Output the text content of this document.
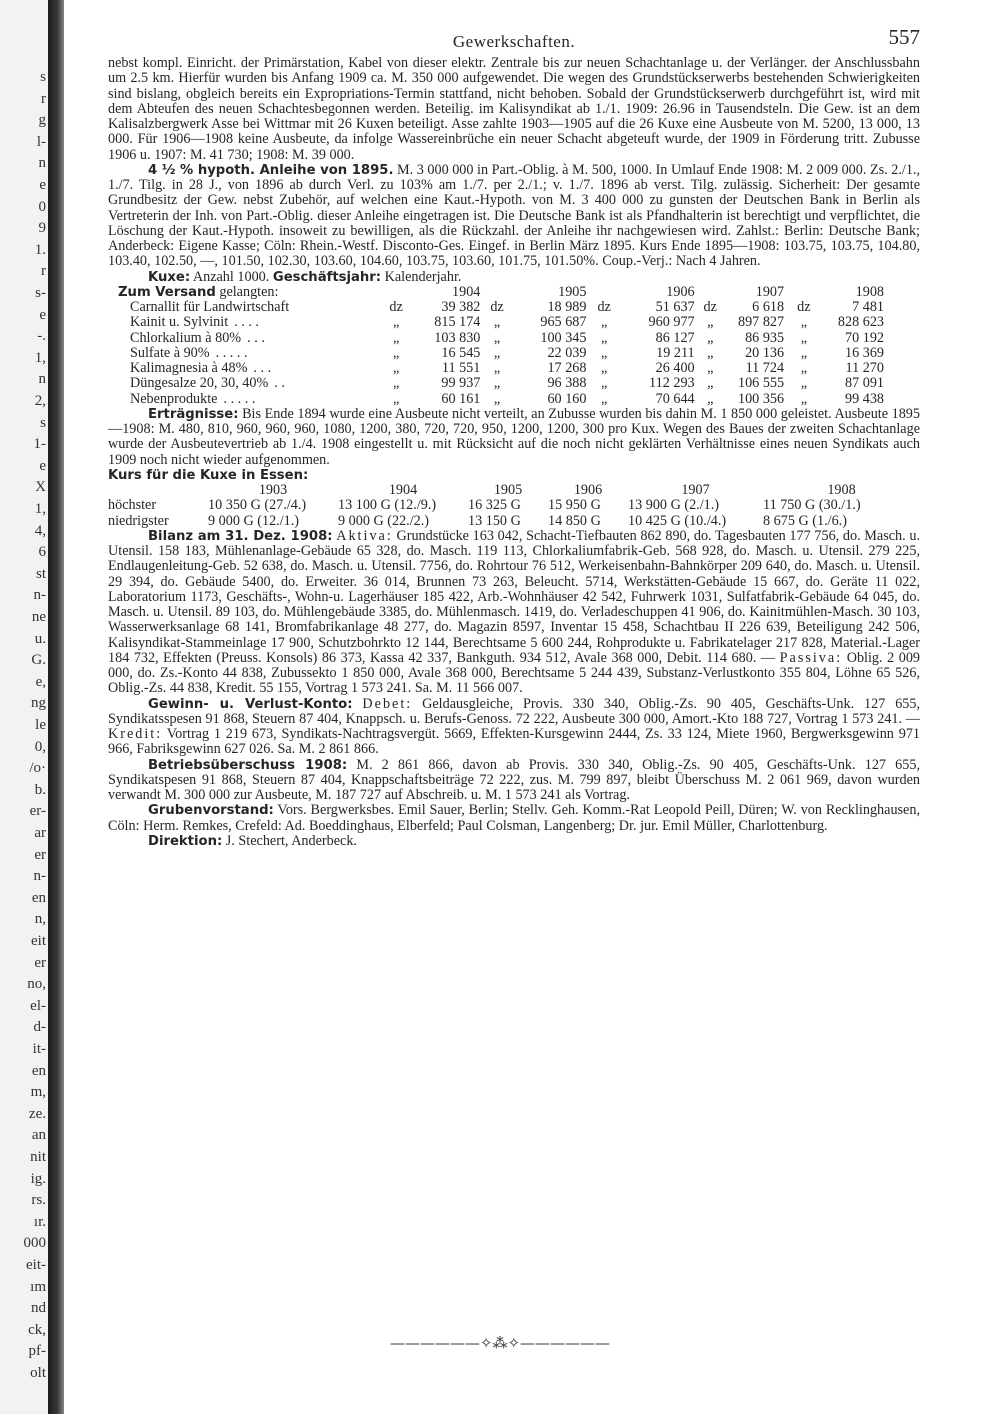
s
r
g
l-
n
e
0
9
1.
r
s-
e
-.
1,
n
2,
s
1-
e
X
1,
4,
6
st
n-
ne
u.
G.
e,
ng
le
0,
/o·
b.
er-
ar
er
n-
en
n,
eit
er
no,
el-
d-
it-
en
m,
ze.
an
nit
ig.
rs.
ır.
000
eit-
ım
nd
ck,
pf-
olt
Gewerkschaften.	557

nebst kompl. Einricht. der Primärstation, Kabel von dieser elektr. Zentrale bis zur neuen Schachtanlage u. der Verlänger. der Anschlussbahn um 2.5 km. Hierfür wurden bis Anfang 1909 ca. M. 350 000 aufgewendet. Die wegen des Grundstückserwerbs bestehenden Schwierigkeiten sind bislang, obgleich bereits ein Expropriations-Termin stattfand, nicht behoben. Sobald der Grundstückserwerb durchgeführt ist, wird mit dem Abteufen des neuen Schachtesbegonnen werden. Beteilig. im Kalisyndikat ab 1./1. 1909: 26.96 in Tausendsteln. Die Gew. ist an dem Kalisalzbergwerk Asse bei Wittmar mit 26 Kuxen beteiligt. Asse zahlte 1903—1905 auf die 26 Kuxe eine Ausbeute von M. 5200, 13 000, 13 000. Für 1906—1908 keine Ausbeute, da infolge Wassereinbrüche ein neuer Schacht abgeteuft wurde, der 1909 in Förderung tritt. Zubusse 1906 u. 1907: M. 41 730; 1908: M. 39 000.

4 ½ % hypoth. Anleihe von 1895. M. 3 000 000 in Part.-Oblig. à M. 500, 1000. In Umlauf Ende 1908: M. 2 009 000. Zs. 2./1., 1./7. Tilg. in 28 J., von 1896 ab durch Verl. zu 103% am 1./7. per 2./1.; v. 1./7. 1896 ab verst. Tilg. zulässig. Sicherheit: Der gesamte Grundbesitz der Gew. nebst Zubehör, auf welchen eine Kaut.-Hypoth. von M. 3 400 000 zu gunsten der Deutschen Bank in Berlin als Vertreterin der Inh. von Part.-Oblig. dieser Anleihe eingetragen ist. Die Deutsche Bank ist als Pfandhalterin ist berechtigt und verpflichtet, die Löschung der Kaut.-Hypoth. insoweit zu bewilligen, als die Rückzahl. der Anleihe ihr nachgewiesen wird. Zahlst.: Berlin: Deutsche Bank; Anderbeck: Eigene Kasse; Cöln: Rhein.-Westf. Disconto-Ges. Eingef. in Berlin März 1895. Kurs Ende 1895—1908: 103.75, 103.75, 104.80, 103.40, 102.50, —, 101.50, 102.30, 103.60, 104.60, 103.75, 103.60, 101.75, 101.50%. Coup.-Verj.: Nach 4 Jahren.

Kuxe: Anzahl 1000. Geschäftsjahr: Kalenderjahr.

Zum Versand gelangten:		1904		1905		1906		1907		1908
Carnallit für Landwirtschaft	dz	39 382	dz	18 989	dz	51 637	dz	6 618	dz	7 481
Kainit u. Sylvinit . . . .	„	815 174	„	965 687	„	960 977	„	897 827	„	828 623
Chlorkalium à 80% . . .	„	103 830	„	100 345	„	86 127	„	86 935	„	70 192
Sulfate à 90% . . . . .	„	16 545	„	22 039	„	19 211	„	20 136	„	16 369
Kalimagnesia à 48% . . .	„	11 551	„	17 268	„	26 400	„	11 724	„	11 270
Düngesalze 20, 30, 40% . .	„	99 937	„	96 388	„	112 293	„	106 555	„	87 091
Nebenprodukte . . . . .	„	60 161	„	60 160	„	70 644	„	100 356	„	99 438

Erträgnisse: Bis Ende 1894 wurde eine Ausbeute nicht verteilt, an Zubusse wurden bis dahin M. 1 850 000 geleistet. Ausbeute 1895—1908: M. 480, 810, 960, 960, 960, 1080, 1200, 380, 720, 720, 950, 1200, 1200, 300 pro Kux. Wegen des Baues der zweiten Schachtanlage wurde der Ausbeutevertrieb ab 1./4. 1908 eingestellt u. mit Rücksicht auf die noch nicht geklärten Verhältnisse eines neuen Syndikats auch 1909 noch nicht wieder aufgenommen.

Kurs für die Kuxe in Essen:

	1903	1904	1905	1906	1907	1908
höchster	10 350 G (27./4.)	13 100 G (12./9.)	16 325 G	15 950 G	13 900 G (2./1.)	11 750 G (30./1.)
niedrigster	9 000 G (12./1.)	9 000 G (22./2.)	13 150 G	14 850 G	10 425 G (10./4.)	8 675 G (1./6.)

Bilanz am 31. Dez. 1908: Aktiva: Grundstücke 163 042, Schacht-Tiefbauten 862 890, do. Tagesbauten 177 756, do. Masch. u. Utensil. 158 183, Mühlenanlage-Gebäude 65 328, do. Masch. 119 113, Chlorkaliumfabrik-Geb. 568 928, do. Masch. u. Utensil. 279 225, Endlaugenleitung-Geb. 52 638, do. Masch. u. Utensil. 7756, do. Rohrtour 76 512, Werkeisenbahn-Bahnkörper 209 640, do. Masch. u. Utensil. 29 394, do. Gebäude 5400, do. Erweiter. 36 014, Brunnen 73 263, Beleucht. 5714, Werkstätten-Gebäude 15 667, do. Geräte 11 022, Laboratorium 1173, Geschäfts-, Wohn-u. Lagerhäuser 185 422, Arb.-Wohnhäuser 42 542, Fuhrwerk 1031, Sulfatfabrik-Gebäude 64 045, do. Masch. u. Utensil. 89 103, do. Mühlengebäude 3385, do. Mühlenmasch. 1419, do. Verladeschuppen 41 906, do. Kainitmühlen-Masch. 30 103, Wasserwerksanlage 68 141, Bromfabrikanlage 48 277, do. Magazin 8597, Inventar 15 458, Schachtbau II 226 639, Beteiligung 242 506, Kalisyndikat-Stammeinlage 17 900, Schutzbohrkto 12 144, Berechtsame 5 600 244, Rohprodukte u. Fabrikatelager 217 828, Material.-Lager 184 732, Effekten (Preuss. Konsols) 86 373, Kassa 42 337, Bankguth. 934 512, Avale 368 000, Debit. 114 680. — Passiva: Oblig. 2 009 000, do. Zs.-Konto 44 838, Zubussekto 1 850 000, Avale 368 000, Berechtsame 5 244 439, Substanz-Verlustkonto 355 804, Löhne 65 526, Oblig.-Zs. 44 838, Kredit. 55 155, Vortrag 1 573 241. Sa. M. 11 566 007.

Gewinn- u. Verlust-Konto: Debet: Geldausgleiche, Provis. 330 340, Oblig.-Zs. 90 405, Geschäfts-Unk. 127 655, Syndikatsspesen 91 868, Steuern 87 404, Knappsch. u. Berufs-Genoss. 72 222, Ausbeute 300 000, Amort.-Kto 188 727, Vortrag 1 573 241. — Kredit: Vortrag 1 219 673, Syndikats-Nachtragsvergüt. 5669, Effekten-Kursgewinn 2444, Zs. 33 124, Miete 1960, Bergwerksgewinn 971 966, Fabriksgewinn 627 026. Sa. M. 2 861 866.

Betriebsüberschuss 1908: M. 2 861 866, davon ab Provis. 330 340, Oblig.-Zs. 90 405, Geschäfts-Unk. 127 655, Syndikatspesen 91 868, Steuern 87 404, Knappschaftsbeiträge 72 222, zus. M. 799 897, bleibt Überschuss M. 2 061 969, davon wurden verwandt M. 300 000 zur Ausbeute, M. 187 727 auf Abschreib. u. M. 1 573 241 als Vortrag.

Grubenvorstand: Vors. Bergwerksbes. Emil Sauer, Berlin; Stellv. Geh. Komm.-Rat Leopold Peill, Düren; W. von Recklinghausen, Cöln: Herm. Remkes, Crefeld: Ad. Boeddinghaus, Elberfeld; Paul Colsman, Langenberg; Dr. jur. Emil Müller, Charlottenburg.

Direktion: J. Stechert, Anderbeck.

——————✧⁂✧——————
